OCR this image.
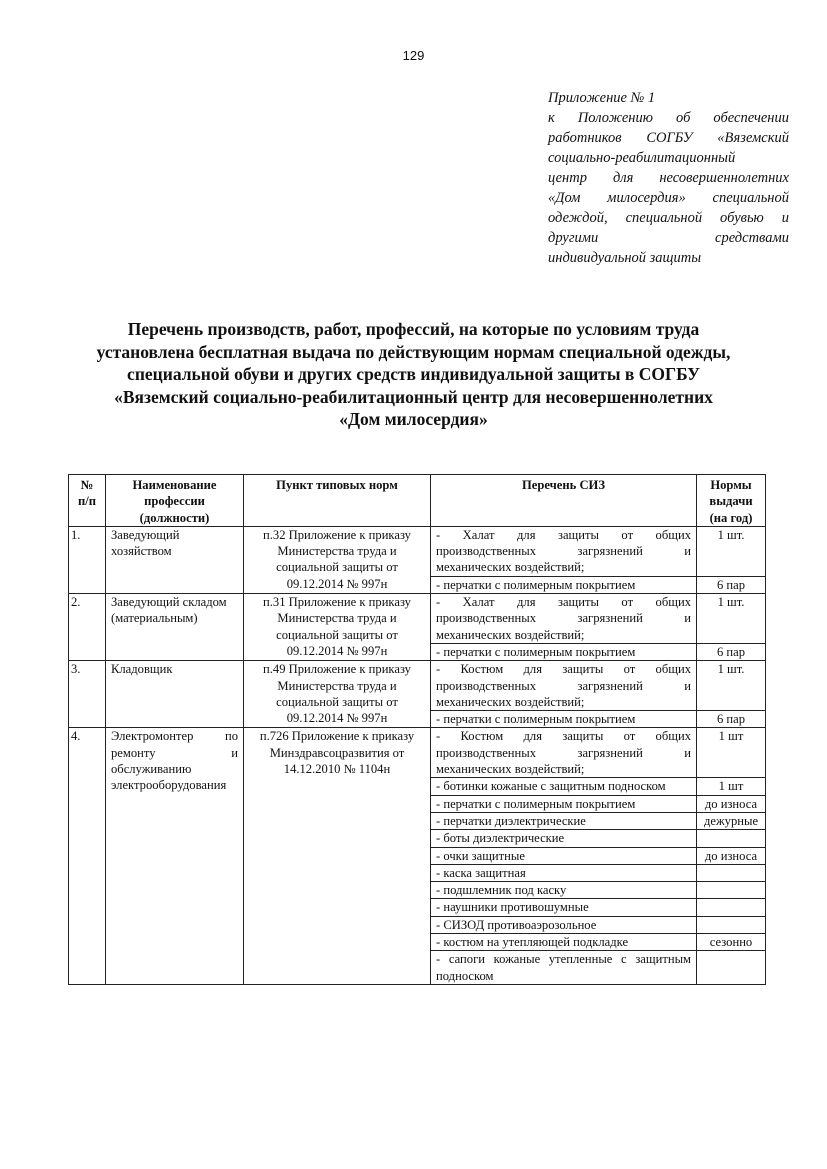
129
Приложение № 1
к Положению об обеспечении
работников СОГБУ «Вяземский
социально-реабилитационный
центр для несовершеннолетних
«Дом милосердия» специальной
одеждой, специальной обувью и
другими средствами
индивидуальной защиты
Перечень производств, работ, профессий, на которые по условиям труда
установлена бесплатная выдача по действующим нормам специальной одежды,
специальной обуви и других средств индивидуальной защиты в СОГБУ
«Вяземский социально-реабилитационный центр для несовершеннолетних
«Дом милосердия»
№ п/п	Наименование профессии (должности)	Пункт типовых норм	Перечень СИЗ	Нормы выдачи (на год)
1.	Заведующий хозяйством	п.32 Приложение к приказу Министерства труда и социальной защиты от 09.12.2014 № 997н	- Халат для защиты от общих производственных загрязнений и механических воздействий;	1 шт.
			- перчатки с полимерным покрытием	6 пар
2.	Заведующий складом (материальным)	п.31 Приложение к приказу Министерства труда и социальной защиты от 09.12.2014 № 997н	- Халат для защиты от общих производственных загрязнений и механических воздействий;	1 шт.
			- перчатки с полимерным покрытием	6 пар
3.	Кладовщик	п.49 Приложение к приказу Министерства труда и социальной защиты от 09.12.2014 № 997н	- Костюм для защиты от общих производственных загрязнений и механических воздействий;	1 шт.
			- перчатки с полимерным покрытием	6 пар
4.	Электромонтер по ремонту и обслуживанию электрооборудования	п.726 Приложение к приказу Минздравсоцразвития от 14.12.2010 № 1104н	- Костюм для защиты от общих производственных загрязнений и механических воздействий;	1 шт
			- ботинки кожаные с защитным подноском	1 шт
			- перчатки с полимерным покрытием	до износа
			- перчатки диэлектрические	дежурные
			- боты диэлектрические	
			- очки защитные	до износа
			- каска защитная	
			- подшлемник под каску	
			- наушники противошумные	
			- СИЗОД противоаэрозольное	
			- костюм на утепляющей подкладке	сезонно
			- сапоги кожаные утепленные с защитным подноском	
